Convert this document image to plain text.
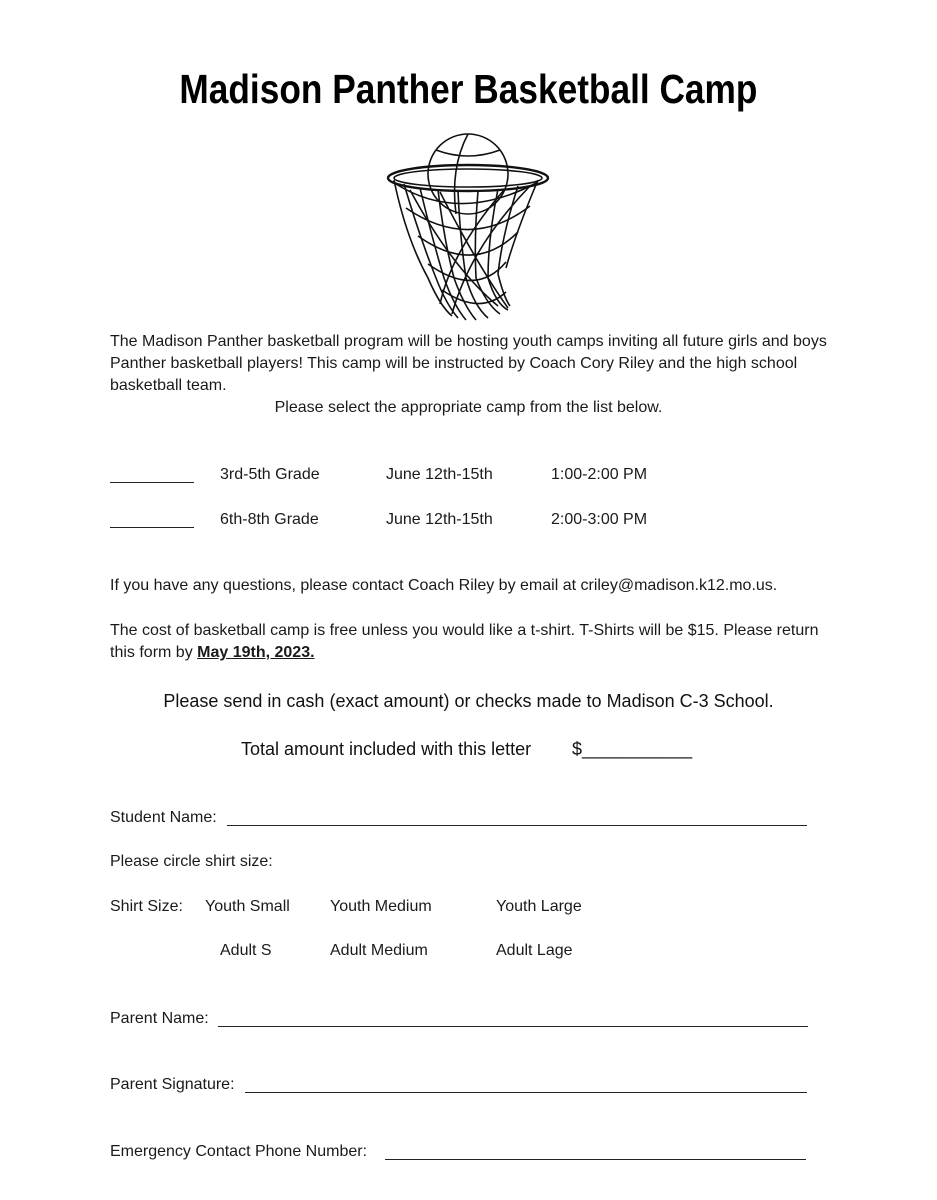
Madison Panther Basketball Camp
The Madison Panther basketball program will be hosting youth camps inviting all future girls and boys Panther basketball players! This camp will be instructed by Coach Cory Riley and the high school basketball team.
Please select the appropriate camp from the list below.
3rd-5th Grade	June 12th-15th	1:00-2:00 PM
6th-8th Grade	June 12th-15th	2:00-3:00 PM
If you have any questions, please contact Coach Riley by email at criley@madison.k12.mo.us.
The cost of basketball camp is free unless you would like a t-shirt. T-Shirts will be $15. Please return this form by May 19th, 2023.
Please send in cash (exact amount) or checks made to Madison C-3 School.
Total amount included with this letter $___________
Student Name:
Please circle shirt size:
Shirt Size: Youth Small	Youth Medium	Youth Large
Adult S	Adult Medium	Adult Lage
Parent Name:
Parent Signature:
Emergency Contact Phone Number:
